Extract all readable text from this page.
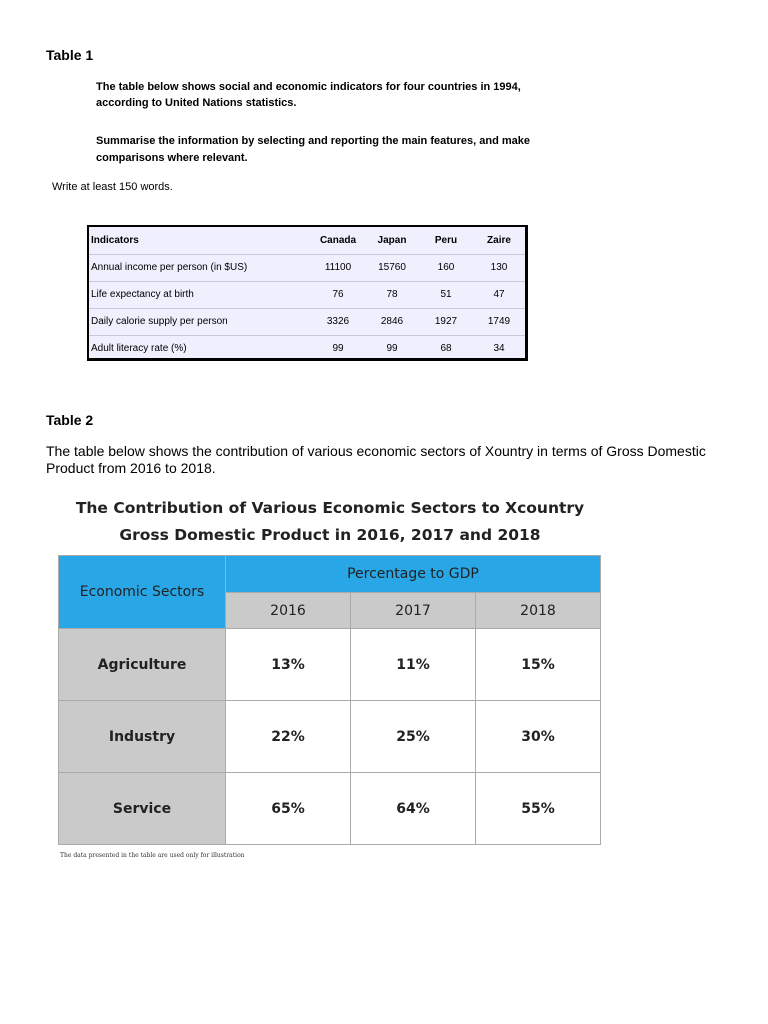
Table 1
The table below shows social and economic indicators for four countries in 1994,
according to United Nations statistics.
Summarise the information by selecting and reporting the main features, and make
comparisons where relevant.
Write at least 150 words.
Indicators	Canada	Japan	Peru	Zaire
Annual income per person (in $US)	11100	15760	160	130
Life expectancy at birth	76	78	51	47
Daily calorie supply per person	3326	2846	1927	1749
Adult literacy rate (%)	99	99	68	34
Table 2
The table below shows the contribution of various economic sectors of Xountry in terms of Gross Domestic Product from 2016 to 2018.
The Contribution of Various Economic Sectors to Xcountry
Gross Domestic Product in 2016, 2017 and 2018
Economic Sectors	Percentage to GDP		
	2016	2017	2018
Agriculture	13%	11%	15%
Industry	22%	25%	30%
Service	65%	64%	55%
The data presented in the table are used only for illustration
